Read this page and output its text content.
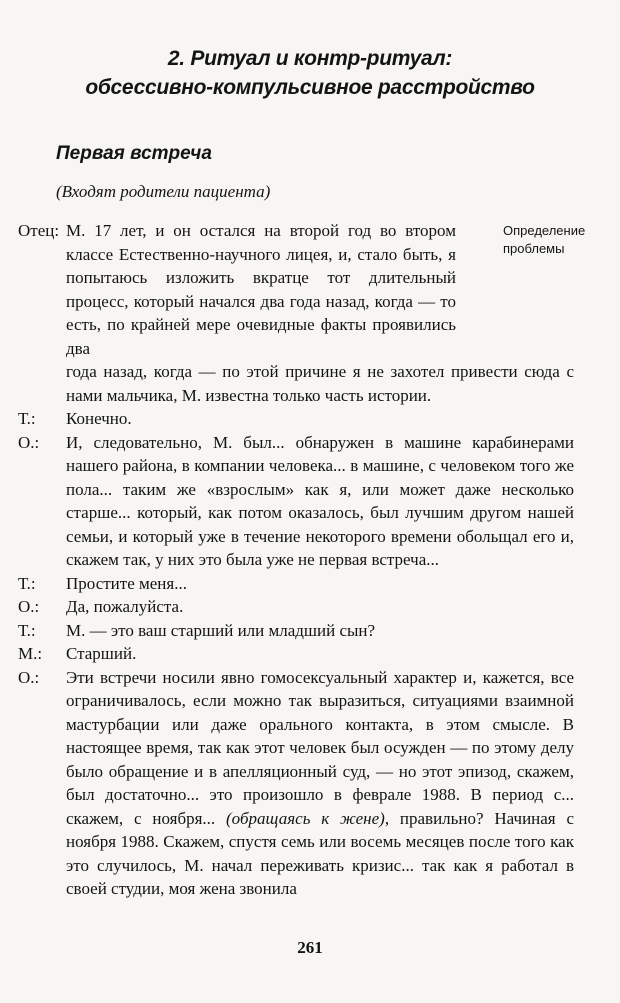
2. Ритуал и контр-ритуал:
обсессивно-компульсивное расстройство
Первая встреча
(Входят родители пациента)
Определение
проблемы
Отец: М. 17 лет, и он остался на второй год во втором классе Естественно-научного лицея, и, стало быть, я попытаюсь изложить вкратце тот длительный процесс, который начался два года назад, когда — то есть, по крайней мере очевидные факты проявились два
года назад, когда — по этой причине я не захотел привести сюда с нами мальчика, М. известна только часть истории.
Т.:	Конечно.
О.:	И, следовательно, М. был... обнаружен в машине карабинерами нашего района, в компании человека... в машине, с человеком того же пола... таким же «взрослым» как я, или может даже несколько старше... который, как потом оказалось, был лучшим другом нашей семьи, и который уже в течение некоторого времени обольщал его и, скажем так, у них это была уже не первая встреча...
Т.:	Простите меня...
О.:	Да, пожалуйста.
Т.:	М. — это ваш старший или младший сын?
М.:	Старший.
О.:	Эти встречи носили явно гомосексуальный характер и, кажется, все ограничивалось, если можно так выразиться, ситуациями взаимной мастурбации или даже орального контакта, в этом смысле. В настоящее время, так как этот человек был осужден — по этому делу было обращение и в апелляционный суд, — но этот эпизод, скажем, был достаточно... это произошло в феврале 1988. В период с... скажем, с ноября... (обращаясь к жене), правильно? Начиная с ноября 1988. Скажем, спустя семь или восемь месяцев после того как это случилось, М. начал переживать кризис... так как я работал в своей студии, моя жена звонила
261
